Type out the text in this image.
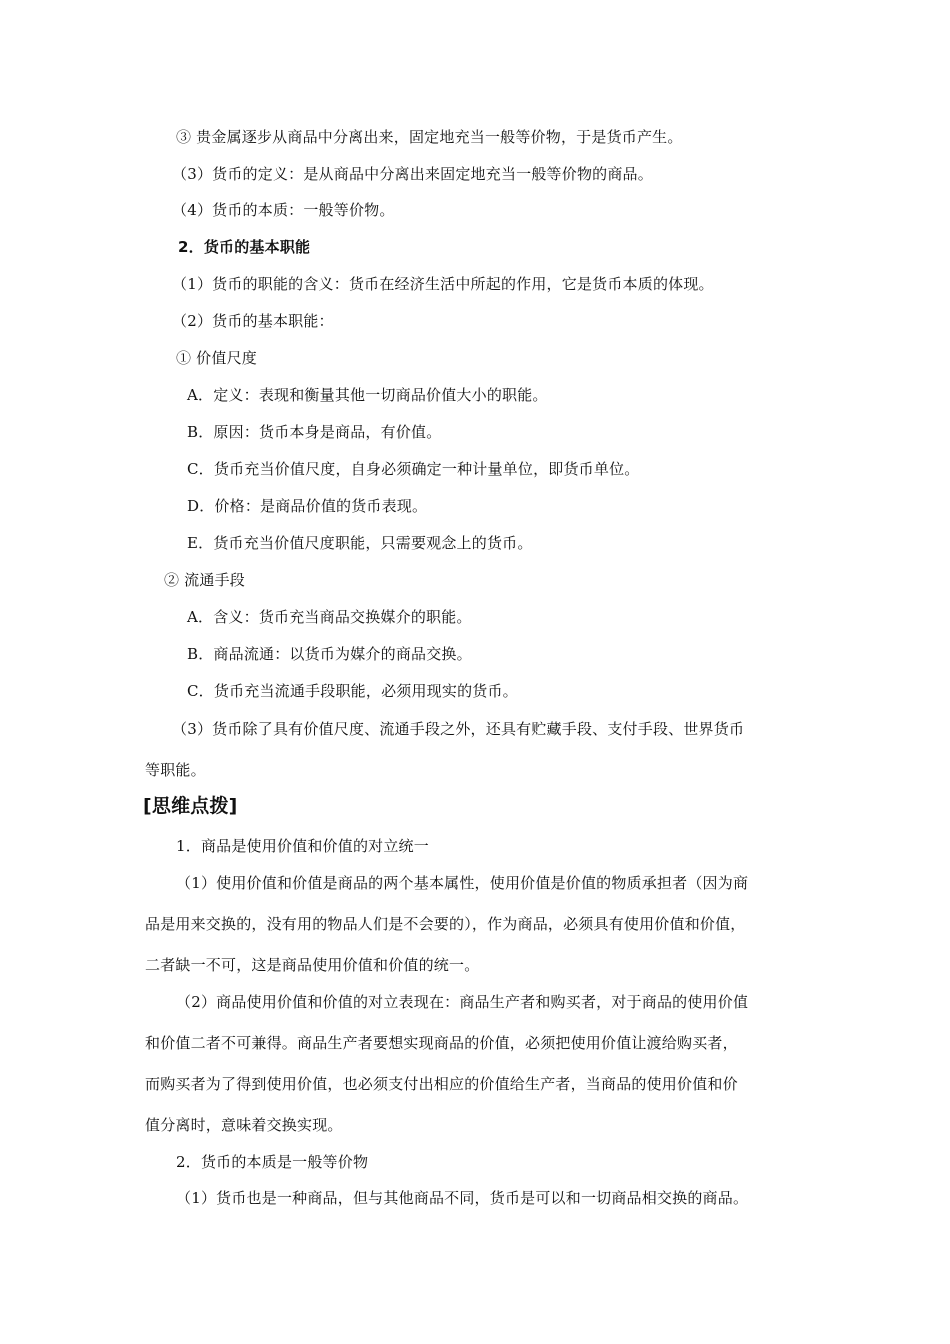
③ 贵金属逐步从商品中分离出来，固定地充当一般等价物，于是货币产生。
（3）货币的定义：是从商品中分离出来固定地充当一般等价物的商品。
（4）货币的本质：一般等价物。
2．货币的基本职能
（1）货币的职能的含义：货币在经济生活中所起的作用，它是货币本质的体现。
（2）货币的基本职能：
① 价值尺度
A．定义：表现和衡量其他一切商品价值大小的职能。
B．原因：货币本身是商品，有价值。
C．货币充当价值尺度，自身必须确定一种计量单位，即货币单位。
D．价格：是商品价值的货币表现。
E．货币充当价值尺度职能，只需要观念上的货币。
② 流通手段
A．含义：货币充当商品交换媒介的职能。
B．商品流通：以货币为媒介的商品交换。
C．货币充当流通手段职能，必须用现实的货币。
（3）货币除了具有价值尺度、流通手段之外，还具有贮藏手段、支付手段、世界货币
等职能。
[思维点拨]
1．商品是使用价值和价值的对立统一
（1）使用价值和价值是商品的两个基本属性，使用价值是价值的物质承担者（因为商
品是用来交换的，没有用的物品人们是不会要的），作为商品，必须具有使用价值和价值，
二者缺一不可，这是商品使用价值和价值的统一。
（2）商品使用价值和价值的对立表现在：商品生产者和购买者，对于商品的使用价值
和价值二者不可兼得。商品生产者要想实现商品的价值，必须把使用价值让渡给购买者，
而购买者为了得到使用价值，也必须支付出相应的价值给生产者，当商品的使用价值和价
值分离时，意味着交换实现。
2．货币的本质是一般等价物
（1）货币也是一种商品，但与其他商品不同，货币是可以和一切商品相交换的商品。
